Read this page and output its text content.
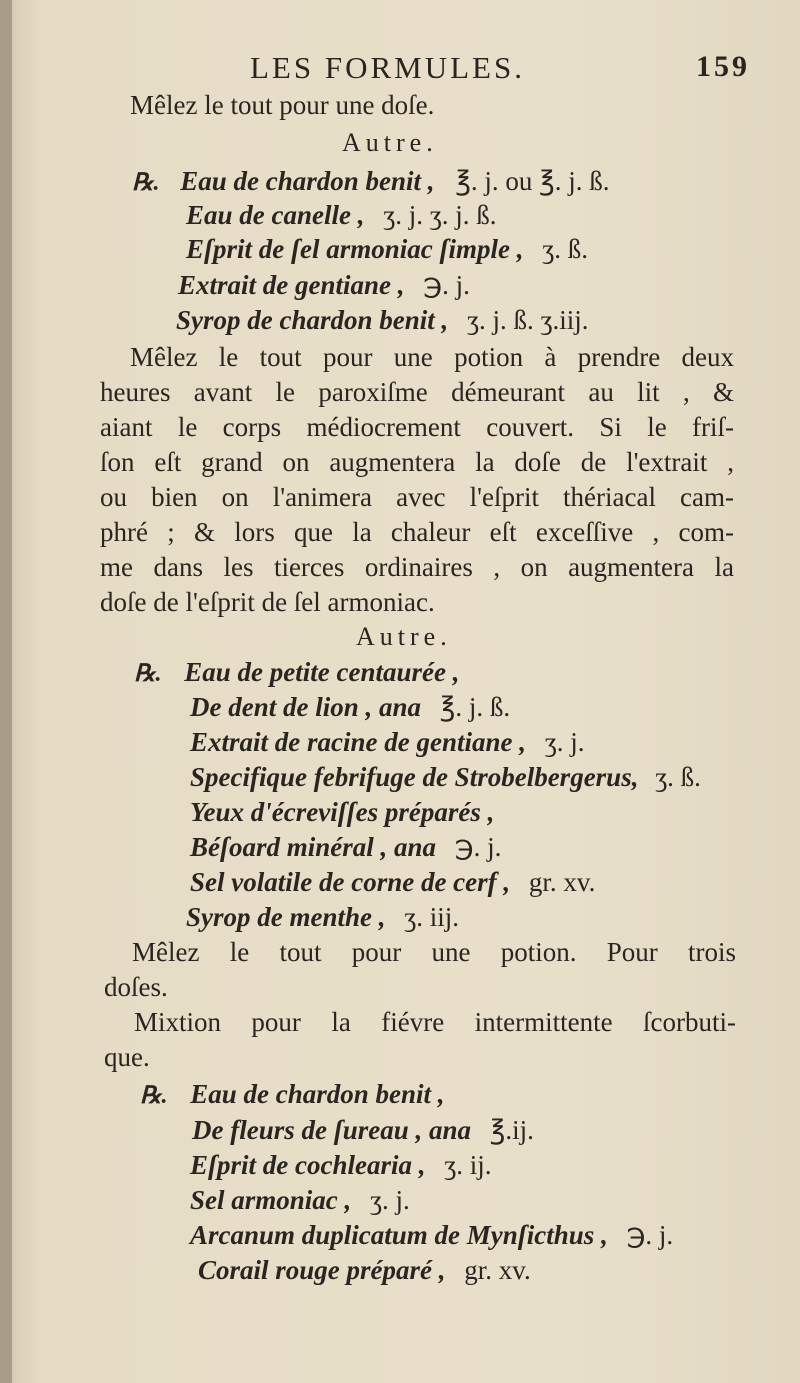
LES FORMULES.	159
Mêlez le tout pour une doſe.
Autre.
℞. Eau de chardon benit , ℥. j. ou ℥. j. ß.
Eau de canelle , ʒ. j. ʒ. j. ß.
Eſprit de ſel armoniac ſimple , ʒ. ß.
Extrait de gentiane , ℈. j.
Syrop de chardon benit , ʒ. j. ß. ʒ.iij.
Mêlez le tout pour une potion à prendre deux
heures avant le paroxiſme démeurant au lit , &
aiant le corps médiocrement couvert. Si le friſ-
ſon eſt grand on augmentera la doſe de l'extrait ,
ou bien on l'animera avec l'eſprit thériacal cam-
phré ; & lors que la chaleur eſt exceſſive , com-
me dans les tierces ordinaires , on augmentera la
doſe de l'eſprit de ſel armoniac.
Autre.
℞. Eau de petite centaurée ,
De dent de lion , ana ℥. j. ß.
Extrait de racine de gentiane , ʒ. j.
Specifique febrifuge de Strobelbergerus, ʒ. ß.
Yeux d'écreviſſes préparés ,
Béſoard minéral , ana ℈. j.
Sel volatile de corne de cerf , gr. xv.
Syrop de menthe , ʒ. iij.
Mêlez le tout pour une potion. Pour trois
doſes.
Mixtion pour la fiévre intermittente ſcorbuti-
que.
℞. Eau de chardon benit ,
De fleurs de ſureau , ana ℥.ij.
Eſprit de cochlearia , ʒ. ij.
Sel armoniac , ʒ. j.
Arcanum duplicatum de Mynſicthus , ℈. j.
Corail rouge préparé , gr. xv.
